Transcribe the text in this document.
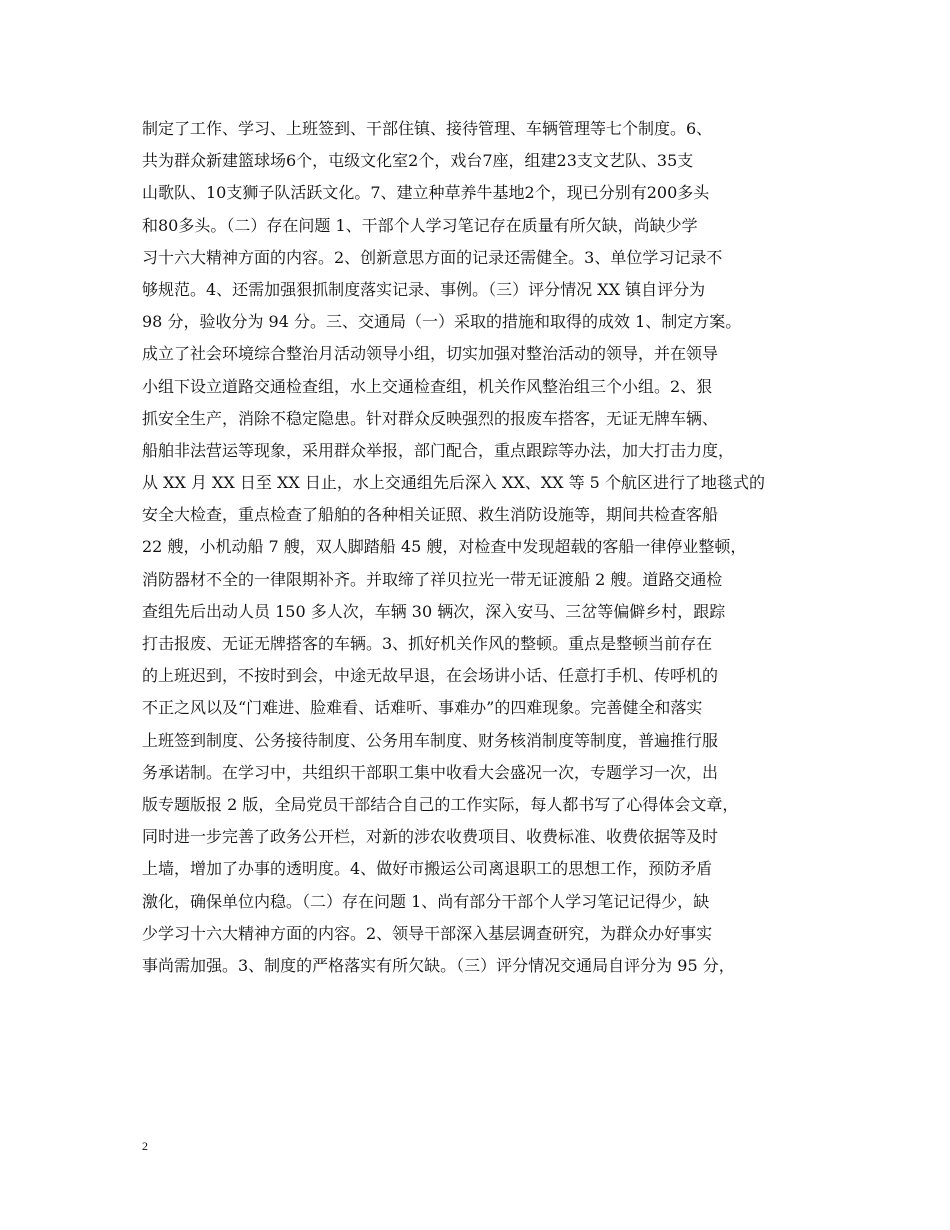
制定了工作、学习、上班签到、干部住镇、接待管理、车辆管理等七个制度。6、
共为群众新建篮球场6个，屯级文化室2个，戏台7座，组建23支文艺队、35支
山歌队、10支狮子队活跃文化。7、建立种草养牛基地2个，现已分别有200多头
和80多头。（二）存在问题 1、干部个人学习笔记存在质量有所欠缺，尚缺少学
习十六大精神方面的内容。2、创新意思方面的记录还需健全。3、单位学习记录不
够规范。4、还需加强狠抓制度落实记录、事例。（三）评分情况 XX 镇自评分为
98 分，验收分为 94 分。三、交通局（一）采取的措施和取得的成效 1、制定方案。
成立了社会环境综合整治月活动领导小组，切实加强对整治活动的领导，并在领导
小组下设立道路交通检查组，水上交通检查组，机关作风整治组三个小组。2、狠
抓安全生产，消除不稳定隐患。针对群众反映强烈的报废车搭客，无证无牌车辆、
船舶非法营运等现象，采用群众举报，部门配合，重点跟踪等办法，加大打击力度，
从 XX 月 XX 日至 XX 日止，水上交通组先后深入 XX、XX 等 5 个航区进行了地毯式的
安全大检查，重点检查了船舶的各种相关证照、救生消防设施等，期间共检查客船
22 艘，小机动船 7 艘，双人脚踏船 45 艘，对检查中发现超载的客船一律停业整顿，
消防器材不全的一律限期补齐。并取缔了祥贝拉光一带无证渡船 2 艘。道路交通检
查组先后出动人员 150 多人次，车辆 30 辆次，深入安马、三岔等偏僻乡村，跟踪
打击报废、无证无牌搭客的车辆。3、抓好机关作风的整顿。重点是整顿当前存在
的上班迟到，不按时到会，中途无故早退，在会场讲小话、任意打手机、传呼机的
不正之风以及“门难进、脸难看、话难听、事难办”的四难现象。完善健全和落实
上班签到制度、公务接待制度、公务用车制度、财务核消制度等制度，普遍推行服
务承诺制。在学习中，共组织干部职工集中收看大会盛况一次，专题学习一次，出
版专题版报 2 版，全局党员干部结合自己的工作实际，每人都书写了心得体会文章，
同时进一步完善了政务公开栏，对新的涉农收费项目、收费标准、收费依据等及时
上墙，增加了办事的透明度。4、做好市搬运公司离退职工的思想工作，预防矛盾
激化，确保单位内稳。（二）存在问题 1、尚有部分干部个人学习笔记记得少，缺
少学习十六大精神方面的内容。2、领导干部深入基层调查研究，为群众办好事实
事尚需加强。3、制度的严格落实有所欠缺。（三）评分情况交通局自评分为 95 分，
2
